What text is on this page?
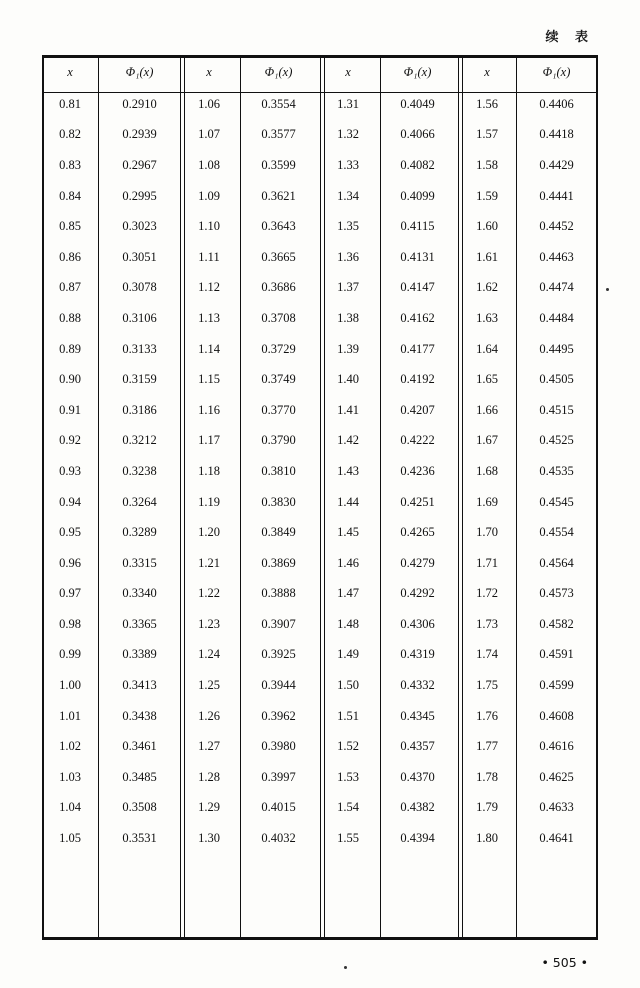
续 表
x	Φ₁(x)	x	Φ₁(x)	x	Φ₁(x)	x	Φ₁(x)
0.81	0.2910	1.06	0.3554	1.31	0.4049	1.56	0.4406
0.82	0.2939	1.07	0.3577	1.32	0.4066	1.57	0.4418
0.83	0.2967	1.08	0.3599	1.33	0.4082	1.58	0.4429
0.84	0.2995	1.09	0.3621	1.34	0.4099	1.59	0.4441
0.85	0.3023	1.10	0.3643	1.35	0.4115	1.60	0.4452
0.86	0.3051	1.11	0.3665	1.36	0.4131	1.61	0.4463
0.87	0.3078	1.12	0.3686	1.37	0.4147	1.62	0.4474
0.88	0.3106	1.13	0.3708	1.38	0.4162	1.63	0.4484
0.89	0.3133	1.14	0.3729	1.39	0.4177	1.64	0.4495
0.90	0.3159	1.15	0.3749	1.40	0.4192	1.65	0.4505
0.91	0.3186	1.16	0.3770	1.41	0.4207	1.66	0.4515
0.92	0.3212	1.17	0.3790	1.42	0.4222	1.67	0.4525
0.93	0.3238	1.18	0.3810	1.43	0.4236	1.68	0.4535
0.94	0.3264	1.19	0.3830	1.44	0.4251	1.69	0.4545
0.95	0.3289	1.20	0.3849	1.45	0.4265	1.70	0.4554
0.96	0.3315	1.21	0.3869	1.46	0.4279	1.71	0.4564
0.97	0.3340	1.22	0.3888	1.47	0.4292	1.72	0.4573
0.98	0.3365	1.23	0.3907	1.48	0.4306	1.73	0.4582
0.99	0.3389	1.24	0.3925	1.49	0.4319	1.74	0.4591
1.00	0.3413	1.25	0.3944	1.50	0.4332	1.75	0.4599
1.01	0.3438	1.26	0.3962	1.51	0.4345	1.76	0.4608
1.02	0.3461	1.27	0.3980	1.52	0.4357	1.77	0.4616
1.03	0.3485	1.28	0.3997	1.53	0.4370	1.78	0.4625
1.04	0.3508	1.29	0.4015	1.54	0.4382	1.79	0.4633
1.05	0.3531	1.30	0.4032	1.55	0.4394	1.80	0.4641
• 505 •
